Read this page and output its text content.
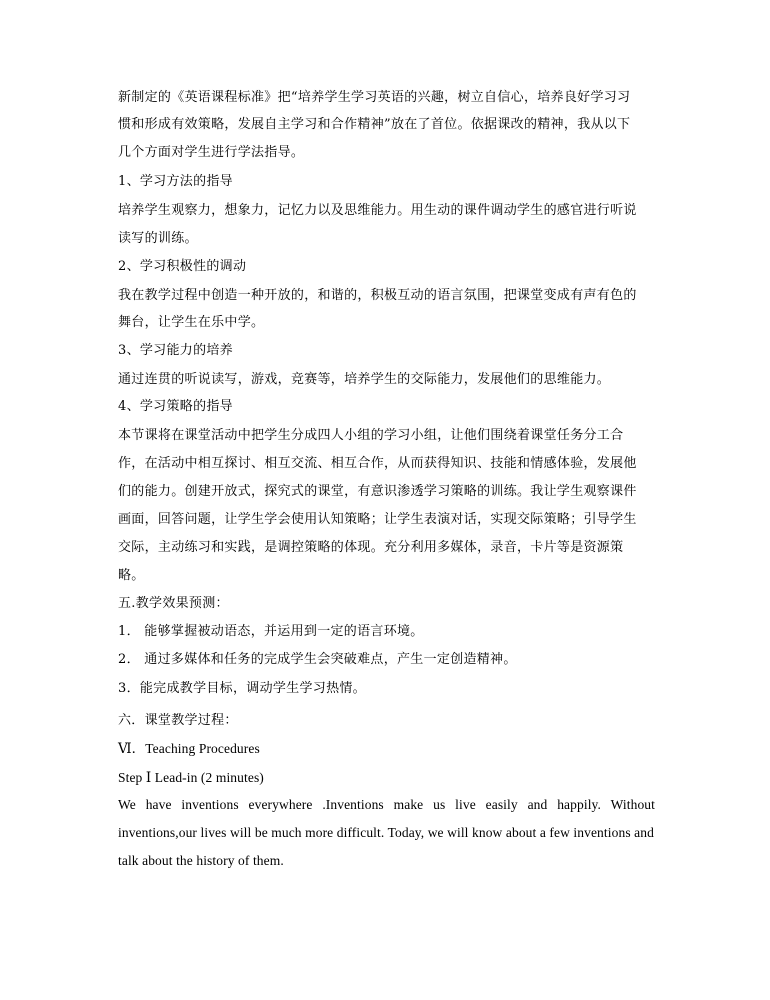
新制定的《英语课程标准》把“培养学生学习英语的兴趣，树立自信心，培养良好学习习

惯和形成有效策略，发展自主学习和合作精神”放在了首位。依据课改的精神，我从以下

几个方面对学生进行学法指导。

1、学习方法的指导

培养学生观察力，想象力，记忆力以及思维能力。用生动的课件调动学生的感官进行听说

读写的训练。

2、学习积极性的调动

我在教学过程中创造一种开放的，和谐的，积极互动的语言氛围，把课堂变成有声有色的

舞台，让学生在乐中学。

3、学习能力的培养

通过连贯的听说读写，游戏，竞赛等，培养学生的交际能力，发展他们的思维能力。

4、学习策略的指导

本节课将在课堂活动中把学生分成四人小组的学习小组，让他们围绕着课堂任务分工合

作，在活动中相互探讨、相互交流、相互合作，从而获得知识、技能和情感体验，发展他

们的能力。创建开放式，探究式的课堂，有意识渗透学习策略的训练。我让学生观察课件

画面，回答问题，让学生学会使用认知策略；让学生表演对话，实现交际策略；引导学生

交际，主动练习和实践，是调控策略的体现。充分利用多媒体，录音，卡片等是资源策

略。

五.教学效果预测：

1． 能够掌握被动语态，并运用到一定的语言环境。

2． 通过多媒体和任务的完成学生会突破难点，产生一定创造精神。

3．能完成教学目标，调动学生学习热情。

六．课堂教学过程：

Ⅵ．Teaching Procedures

Step Ⅰ Lead-in (2 minutes)

We have inventions everywhere .Inventions make us live easily and happily. Without

inventions,our lives will be much more difficult. Today, we will know about a few inventions and

talk about the history of them.
